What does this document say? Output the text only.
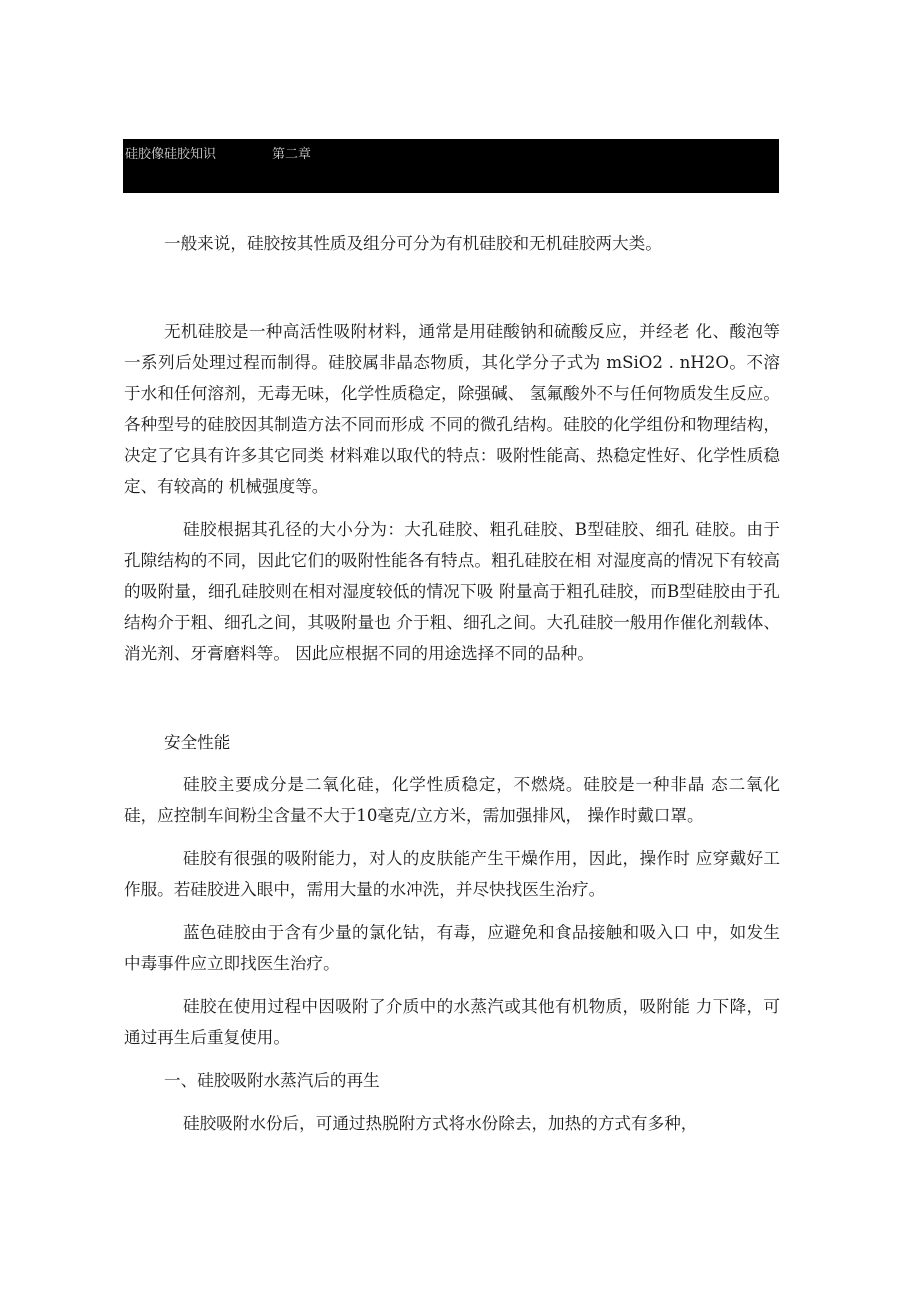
硅胶像硅胶知识	第二章

一般来说，硅胶按其性质及组分可分为有机硅胶和无机硅胶两大类。

无机硅胶是一种高活性吸附材料，通常是用硅酸钠和硫酸反应，并经老 化、酸泡等一系列后处理过程而制得。硅胶属非晶态物质，其化学分子式为 mSiO2 . nH2O。不溶于水和任何溶剂，无毒无味，化学性质稳定，除强碱、 氢氟酸外不与任何物质发生反应。各种型号的硅胶因其制造方法不同而形成 不同的微孔结构。硅胶的化学组份和物理结构，决定了它具有许多其它同类 材料难以取代的特点：吸附性能高、热稳定性好、化学性质稳定、有较高的 机械强度等。

硅胶根据其孔径的大小分为：大孔硅胶、粗孔硅胶、B型硅胶、细孔 硅胶。由于孔隙结构的不同，因此它们的吸附性能各有特点。粗孔硅胶在相 对湿度高的情况下有较高的吸附量，细孔硅胶则在相对湿度较低的情况下吸 附量高于粗孔硅胶，而B型硅胶由于孔结构介于粗、细孔之间，其吸附量也 介于粗、细孔之间。大孔硅胶一般用作催化剂载体、消光剂、牙膏磨料等。 因此应根据不同的用途选择不同的品种。

安全性能

硅胶主要成分是二氧化硅，化学性质稳定，不燃烧。硅胶是一种非晶 态二氧化硅，应控制车间粉尘含量不大于10毫克/立方米，需加强排风， 操作时戴口罩。

硅胶有很强的吸附能力，对人的皮肤能产生干燥作用，因此，操作时 应穿戴好工作服。若硅胶进入眼中，需用大量的水冲洗，并尽快找医生治疗。

蓝色硅胶由于含有少量的氯化钴，有毒，应避免和食品接触和吸入口 中，如发生中毒事件应立即找医生治疗。

硅胶在使用过程中因吸附了介质中的水蒸汽或其他有机物质，吸附能 力下降，可通过再生后重复使用。

一、硅胶吸附水蒸汽后的再生

硅胶吸附水份后，可通过热脱附方式将水份除去，加热的方式有多种，
